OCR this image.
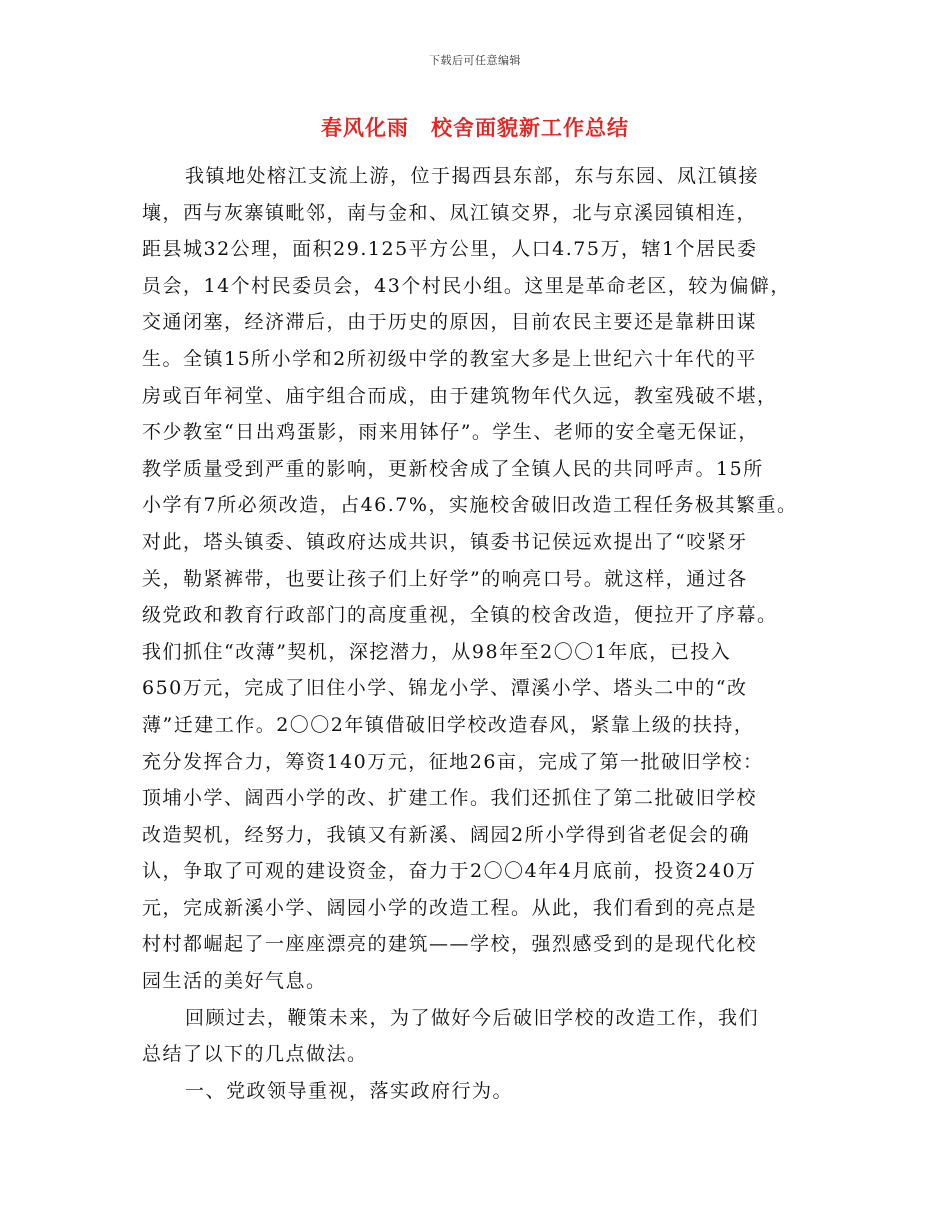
下载后可任意编辑
春风化雨　校舍面貌新工作总结
我镇地处榕江支流上游，位于揭西县东部，东与东园、凤江镇接
壤，西与灰寨镇毗邻，南与金和、凤江镇交界，北与京溪园镇相连，
距县城32公理，面积29.125平方公里，人口4.75万，辖1个居民委
员会，14个村民委员会，43个村民小组。这里是革命老区，较为偏僻，
交通闭塞，经济滞后，由于历史的原因，目前农民主要还是靠耕田谋
生。全镇15所小学和2所初级中学的教室大多是上世纪六十年代的平
房或百年祠堂、庙宇组合而成，由于建筑物年代久远，教室残破不堪，
不少教室“日出鸡蛋影，雨来用钵仔”。学生、老师的安全毫无保证，
教学质量受到严重的影响，更新校舍成了全镇人民的共同呼声。15所
小学有7所必须改造，占46.7%，实施校舍破旧改造工程任务极其繁重。
对此，塔头镇委、镇政府达成共识，镇委书记侯远欢提出了“咬紧牙
关，勒紧裤带，也要让孩子们上好学”的响亮口号。就这样，通过各
级党政和教育行政部门的高度重视，全镇的校舍改造，便拉开了序幕。
我们抓住“改薄”契机，深挖潜力，从98年至2〇〇1年底，已投入
650万元，完成了旧住小学、锦龙小学、潭溪小学、塔头二中的“改
薄”迁建工作。2〇〇2年镇借破旧学校改造春风，紧靠上级的扶持，
充分发挥合力，筹资140万元，征地26亩，完成了第一批破旧学校：
顶埔小学、阔西小学的改、扩建工作。我们还抓住了第二批破旧学校
改造契机，经努力，我镇又有新溪、阔园2所小学得到省老促会的确
认，争取了可观的建设资金，奋力于2〇〇4年4月底前，投资240万
元，完成新溪小学、阔园小学的改造工程。从此，我们看到的亮点是
村村都崛起了一座座漂亮的建筑——学校，强烈感受到的是现代化校
园生活的美好气息。
回顾过去，鞭策未来，为了做好今后破旧学校的改造工作，我们
总结了以下的几点做法。
一、党政领导重视，落实政府行为。
